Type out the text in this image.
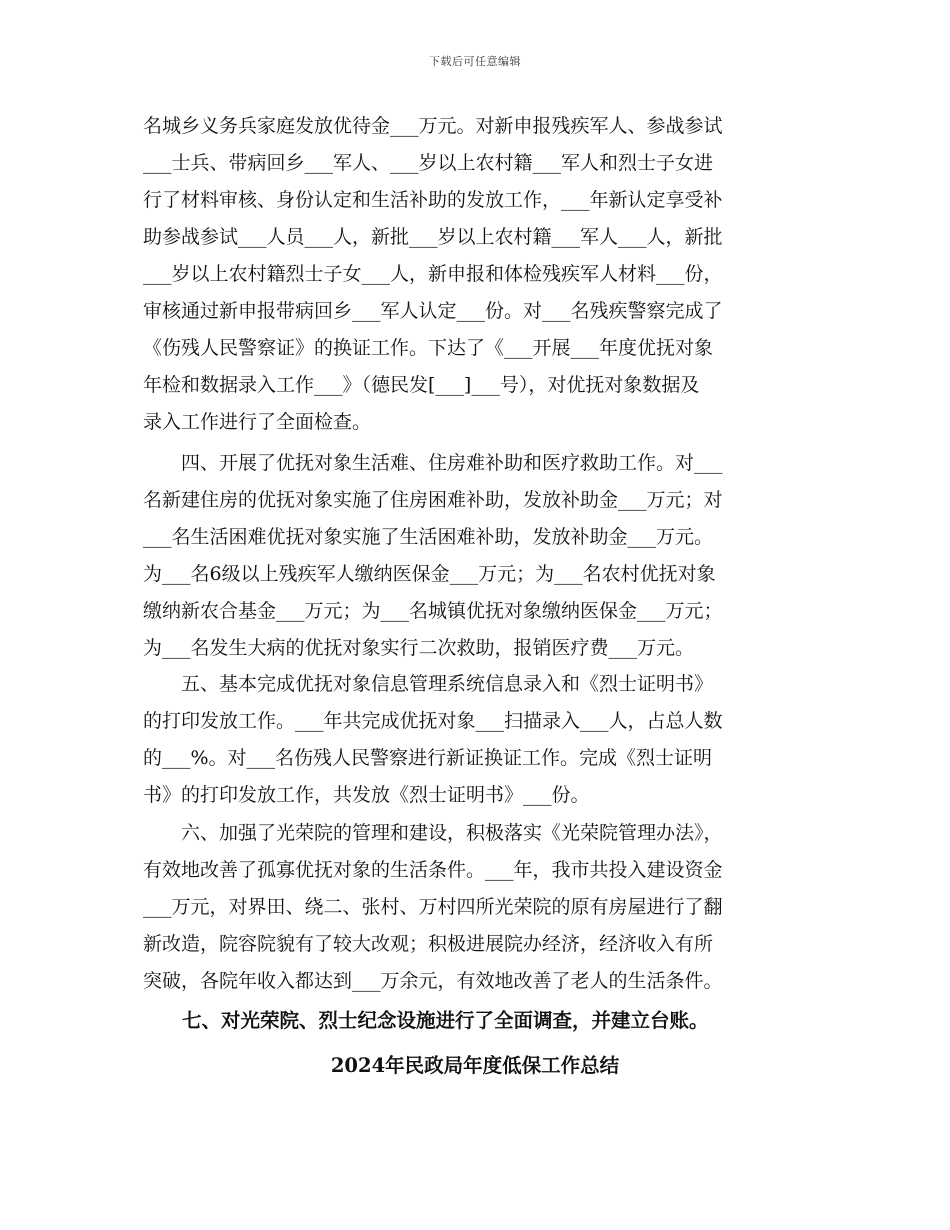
下载后可任意编辑
名城乡义务兵家庭发放优待金___万元。对新申报残疾军人、参战参试
___士兵、带病回乡___军人、___岁以上农村籍___军人和烈士子女进
行了材料审核、身份认定和生活补助的发放工作，___年新认定享受补
助参战参试___人员___人，新批___岁以上农村籍___军人___人，新批
___岁以上农村籍烈士子女___人，新申报和体检残疾军人材料___份，
审核通过新申报带病回乡___军人认定___份。对___名残疾警察完成了
《伤残人民警察证》的换证工作。下达了《___开展___年度优抚对象
年检和数据录入工作___》（德民发[___]___号），对优抚对象数据及
录入工作进行了全面检查。
　　四、开展了优抚对象生活难、住房难补助和医疗救助工作。对___
名新建住房的优抚对象实施了住房困难补助，发放补助金___万元；对
___名生活困难优抚对象实施了生活困难补助，发放补助金___万元。
为___名6级以上残疾军人缴纳医保金___万元；为___名农村优抚对象
缴纳新农合基金___万元；为___名城镇优抚对象缴纳医保金___万元；
为___名发生大病的优抚对象实行二次救助，报销医疗费___万元。
　　五、基本完成优抚对象信息管理系统信息录入和《烈士证明书》
的打印发放工作。___年共完成优抚对象___扫描录入___人，占总人数
的___%。对___名伤残人民警察进行新证换证工作。完成《烈士证明
书》的打印发放工作，共发放《烈士证明书》___份。
　　六、加强了光荣院的管理和建设，积极落实《光荣院管理办法》，
有效地改善了孤寡优抚对象的生活条件。___年，我市共投入建设资金
___万元，对界田、绕二、张村、万村四所光荣院的原有房屋进行了翻
新改造，院容院貌有了较大改观；积极进展院办经济，经济收入有所
突破，各院年收入都达到___万余元，有效地改善了老人的生活条件。
　　七、对光荣院、烈士纪念设施进行了全面调查，并建立台账。
2024年民政局年度低保工作总结
